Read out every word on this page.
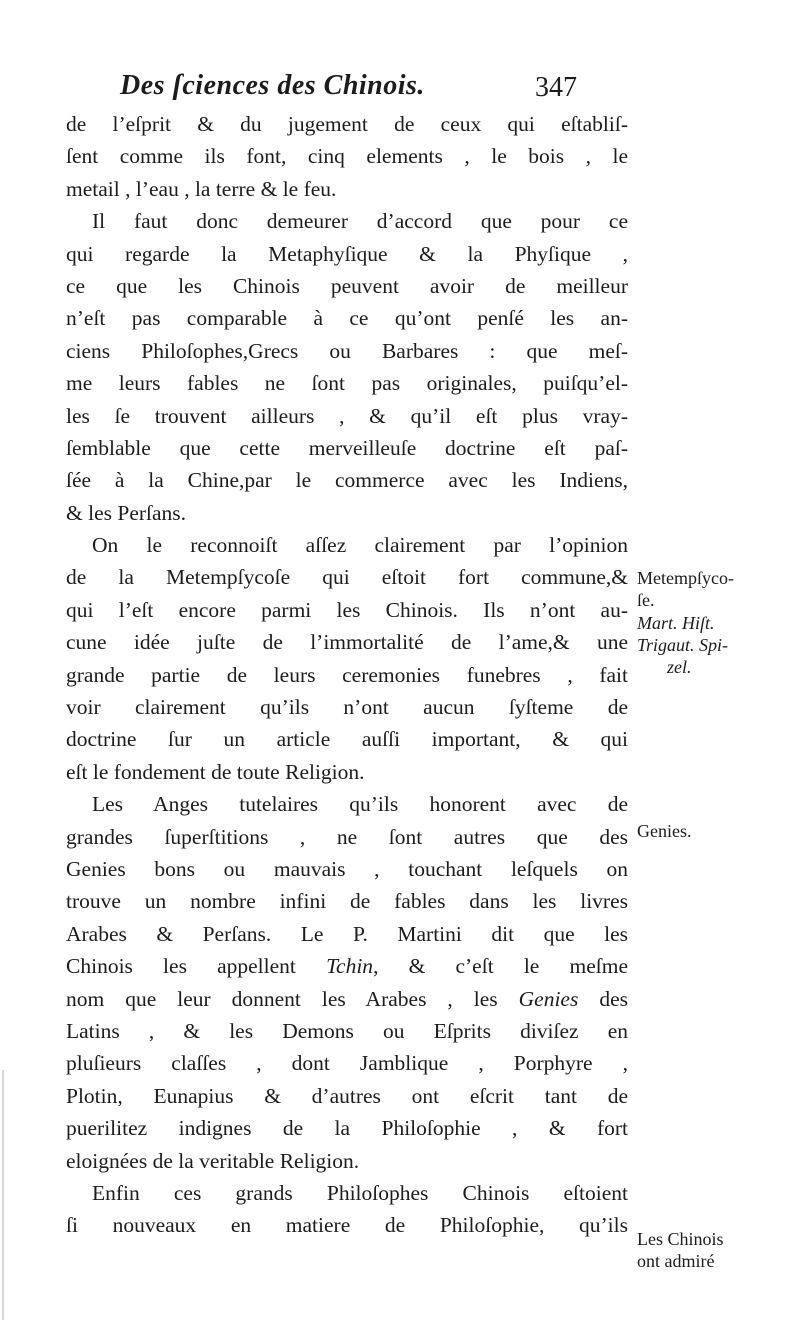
Des ſciences des Chinois.	347
de l’eſprit & du jugement de ceux qui eſtabliſ-
ſent comme ils font, cinq elements , le bois , le
metail , l’eau , la terre & le feu.
Il faut donc demeurer d’accord que pour ce
qui regarde la Metaphyſique & la Phyſique ,
ce que les Chinois peuvent avoir de meilleur
n’eſt pas comparable à ce qu’ont penſé les an-
ciens Philoſophes,Grecs ou Barbares : que meſ-
me leurs fables ne ſont pas originales, puiſqu’el-
les ſe trouvent ailleurs , & qu’il eſt plus vray-
ſemblable que cette merveilleuſe doctrine eſt paſ-
ſée à la Chine,par le commerce avec les Indiens,
& les Perſans.
On le reconnoiſt aſſez clairement par l’opinion
de la Metempſycoſe qui eſtoit fort commune,&
qui l’eſt encore parmi les Chinois. Ils n’ont au-
cune idée juſte de l’immortalité de l’ame,& une
grande partie de leurs ceremonies funebres , fait
voir clairement qu’ils n’ont aucun ſyſteme de
doctrine ſur un article auſſi important, & qui
eſt le fondement de toute Religion.
Les Anges tutelaires qu’ils honorent avec de
grandes ſuperſtitions , ne ſont autres que des
Genies bons ou mauvais , touchant leſquels on
trouve un nombre infini de fables dans les livres
Arabes & Perſans. Le P. Martini dit que les
Chinois les appellent Tchin, & c’eſt le meſme
nom que leur donnent les Arabes , les Genies des
Latins , & les Demons ou Eſprits diviſez en
pluſieurs claſſes , dont Jamblique , Porphyre ,
Plotin, Eunapius & d’autres ont eſcrit tant de
puerilitez indignes de la Philoſophie , & fort
eloignées de la veritable Religion.
Enfin ces grands Philoſophes Chinois eſtoient
ſi nouveaux en matiere de Philoſophie, qu’ils
Metempſyco-
ſe.
Mart. Hiſt.
Trigaut. Spi-
zel.
Genies.
Les Chinois
ont admiré
